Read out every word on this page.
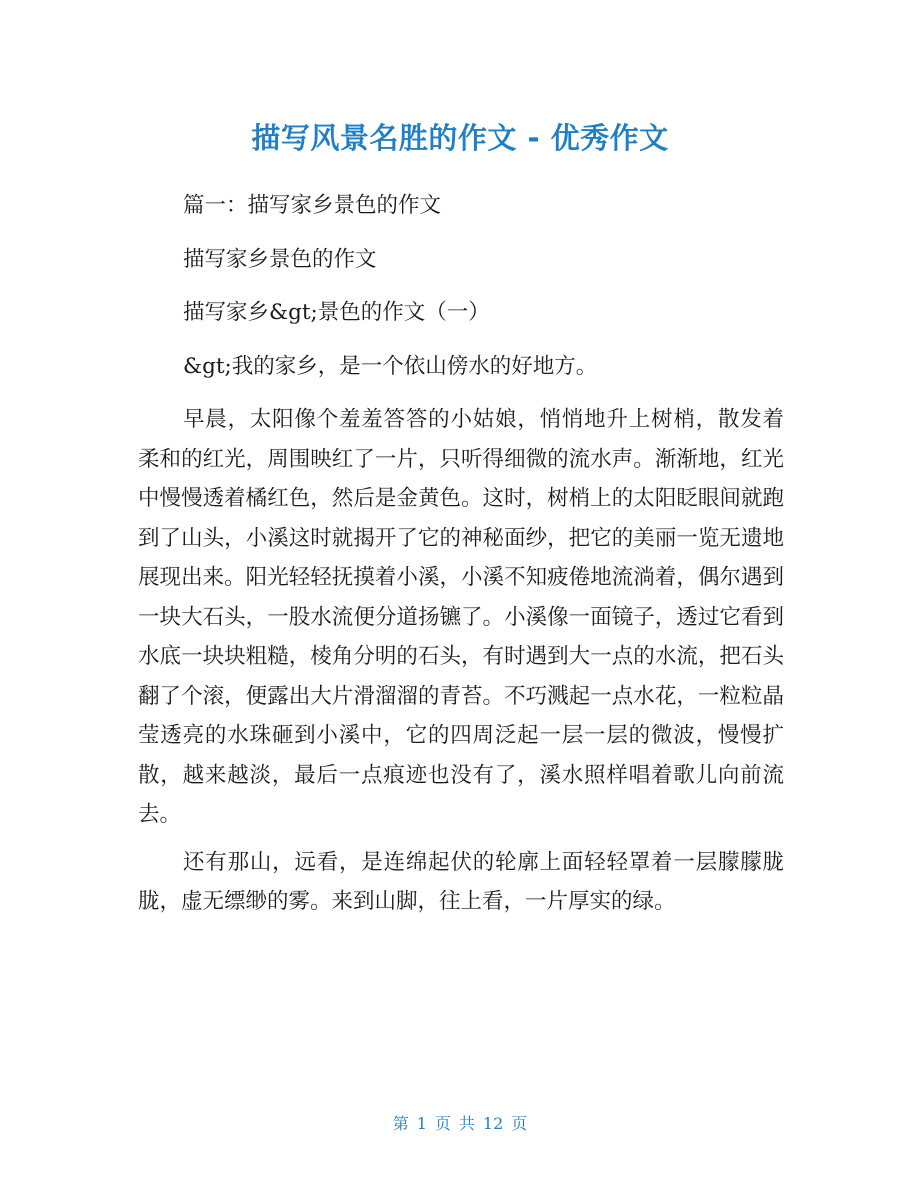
描写风景名胜的作文 - 优秀作文

篇一：描写家乡景色的作文

描写家乡景色的作文

描写家乡&gt;景色的作文（一）

&gt;我的家乡，是一个依山傍水的好地方。

早晨，太阳像个羞羞答答的小姑娘，悄悄地升上树梢，散发着柔和的红光，周围映红了一片，只听得细微的流水声。渐渐地，红光中慢慢透着橘红色，然后是金黄色。这时，树梢上的太阳眨眼间就跑到了山头，小溪这时就揭开了它的神秘面纱，把它的美丽一览无遗地展现出来。阳光轻轻抚摸着小溪，小溪不知疲倦地流淌着，偶尔遇到一块大石头，一股水流便分道扬镳了。小溪像一面镜子，透过它看到水底一块块粗糙，棱角分明的石头，有时遇到大一点的水流，把石头翻了个滚，便露出大片滑溜溜的青苔。不巧溅起一点水花，一粒粒晶莹透亮的水珠砸到小溪中，它的四周泛起一层一层的微波，慢慢扩散，越来越淡，最后一点痕迹也没有了，溪水照样唱着歌儿向前流去。

还有那山，远看，是连绵起伏的轮廓上面轻轻罩着一层朦朦胧胧，虚无缥缈的雾。来到山脚，往上看，一片厚实的绿。

第 1 页 共 12 页
